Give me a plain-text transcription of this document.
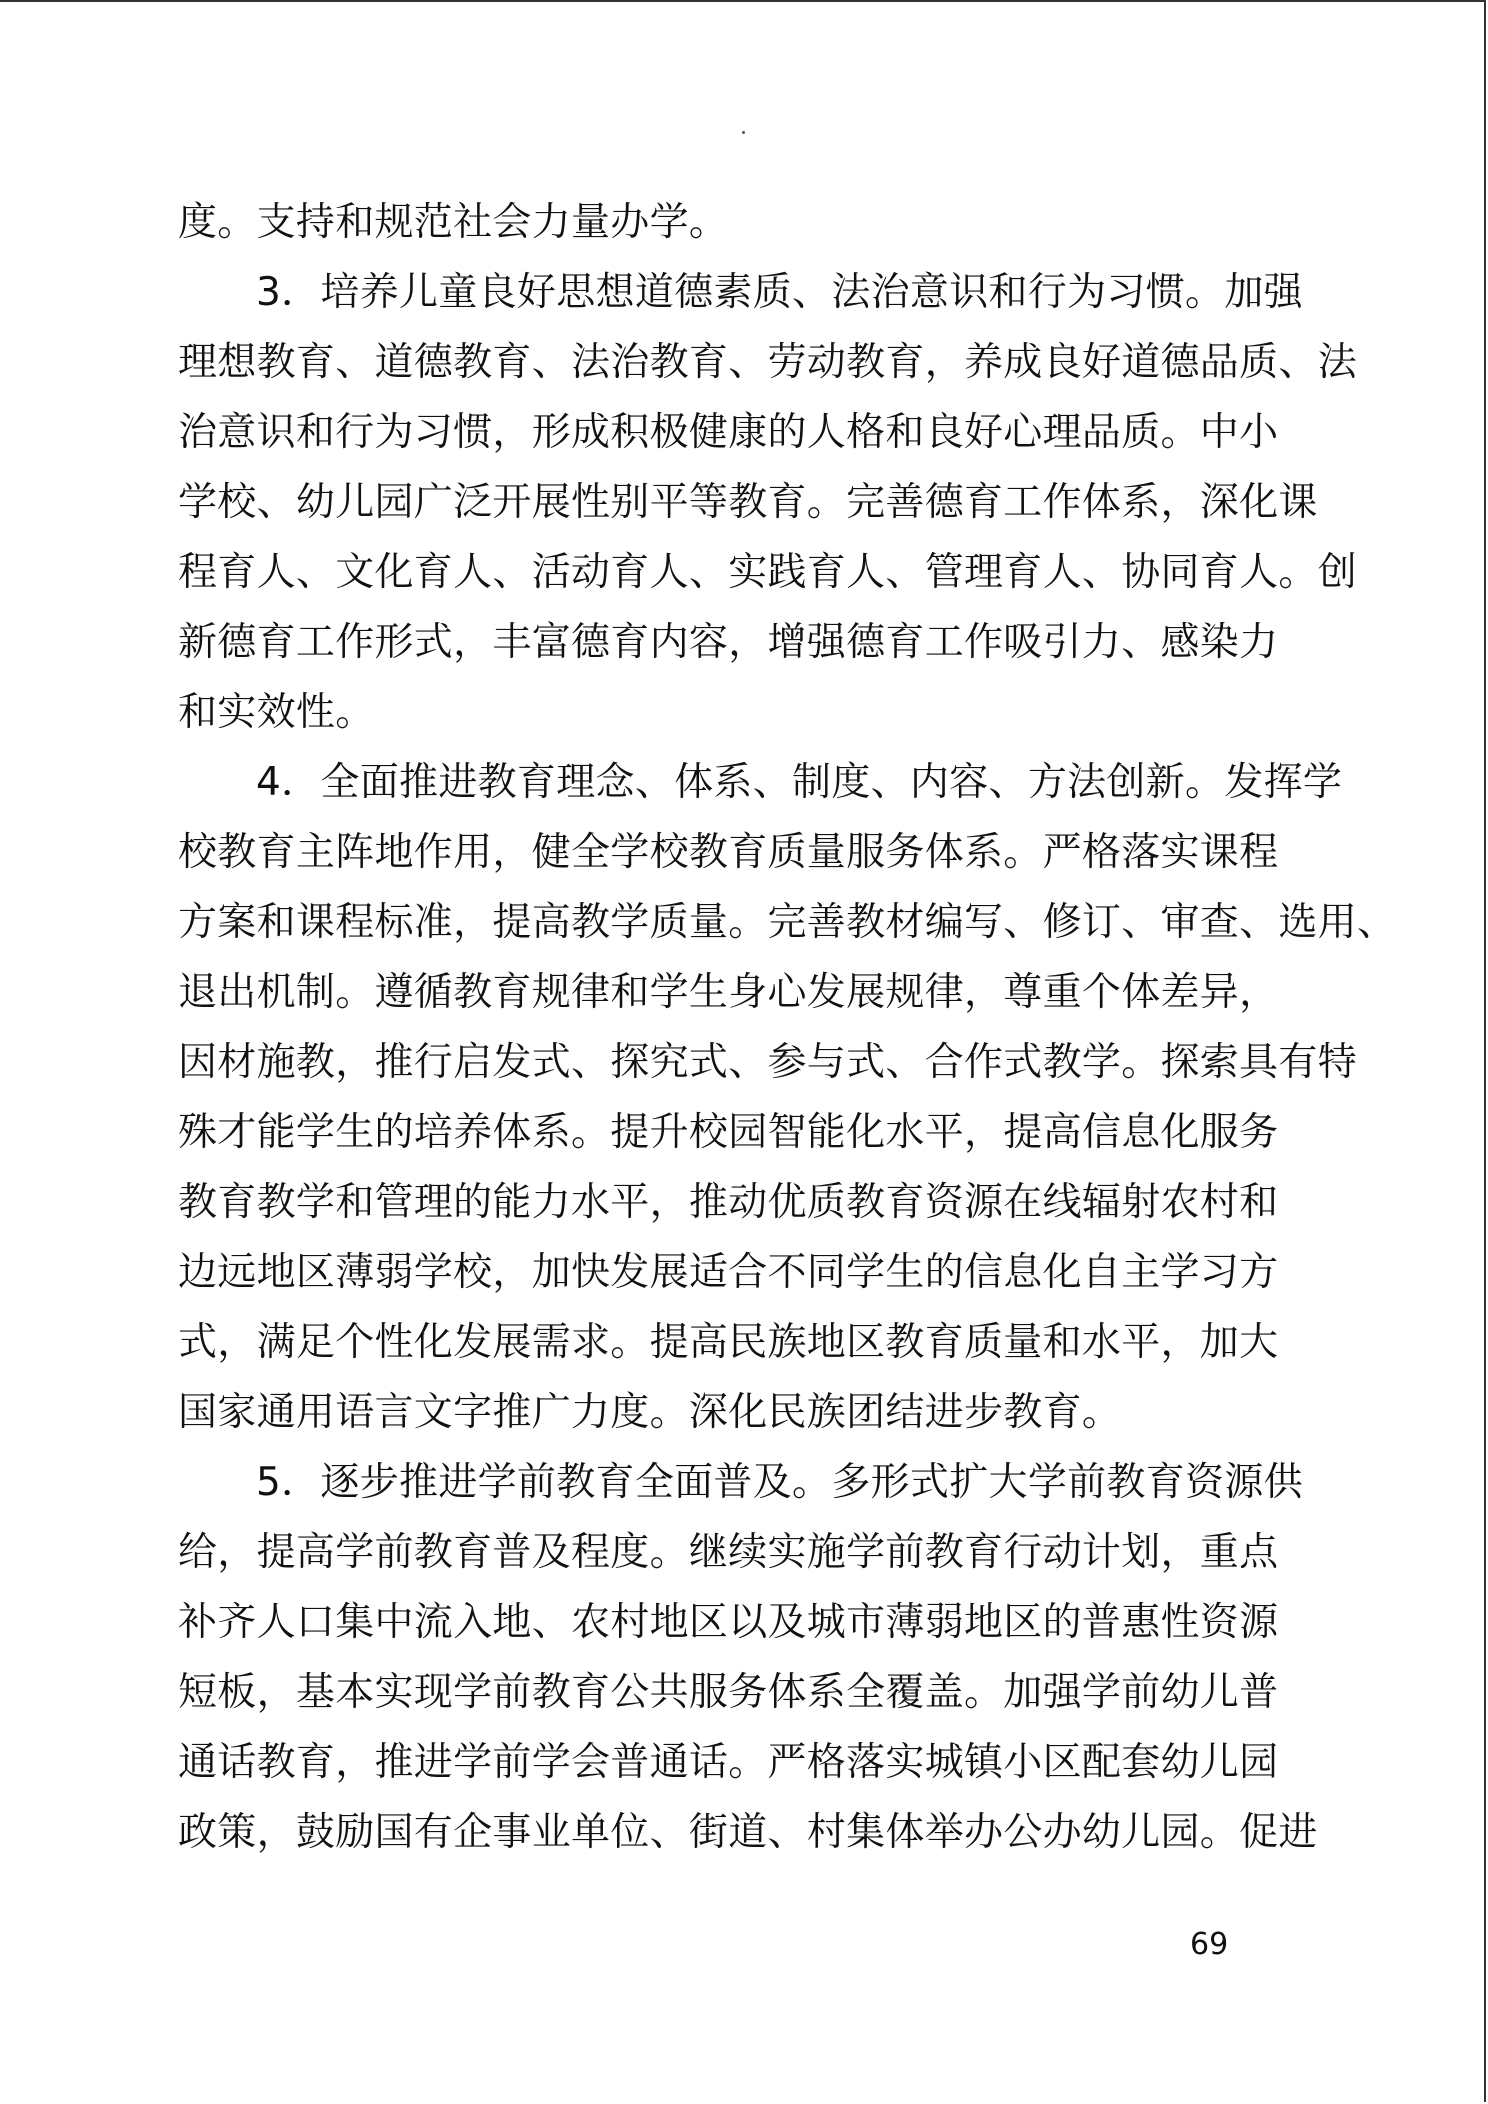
度。支持和规范社会力量办学。
3．培养儿童良好思想道德素质、法治意识和行为习惯。加强
理想教育、道德教育、法治教育、劳动教育，养成良好道德品质、法
治意识和行为习惯，形成积极健康的人格和良好心理品质。中小
学校、幼儿园广泛开展性别平等教育。完善德育工作体系，深化课
程育人、文化育人、活动育人、实践育人、管理育人、协同育人。创
新德育工作形式，丰富德育内容，增强德育工作吸引力、感染力
和实效性。
4．全面推进教育理念、体系、制度、内容、方法创新。发挥学
校教育主阵地作用，健全学校教育质量服务体系。严格落实课程
方案和课程标准，提高教学质量。完善教材编写、修订、审查、选用、
退出机制。遵循教育规律和学生身心发展规律，尊重个体差异，
因材施教，推行启发式、探究式、参与式、合作式教学。探索具有特
殊才能学生的培养体系。提升校园智能化水平，提高信息化服务
教育教学和管理的能力水平，推动优质教育资源在线辐射农村和
边远地区薄弱学校，加快发展适合不同学生的信息化自主学习方
式，满足个性化发展需求。提高民族地区教育质量和水平，加大
国家通用语言文字推广力度。深化民族团结进步教育。
5．逐步推进学前教育全面普及。多形式扩大学前教育资源供
给，提高学前教育普及程度。继续实施学前教育行动计划，重点
补齐人口集中流入地、农村地区以及城市薄弱地区的普惠性资源
短板，基本实现学前教育公共服务体系全覆盖。加强学前幼儿普
通话教育，推进学前学会普通话。严格落实城镇小区配套幼儿园
政策，鼓励国有企事业单位、街道、村集体举办公办幼儿园。促进
69
